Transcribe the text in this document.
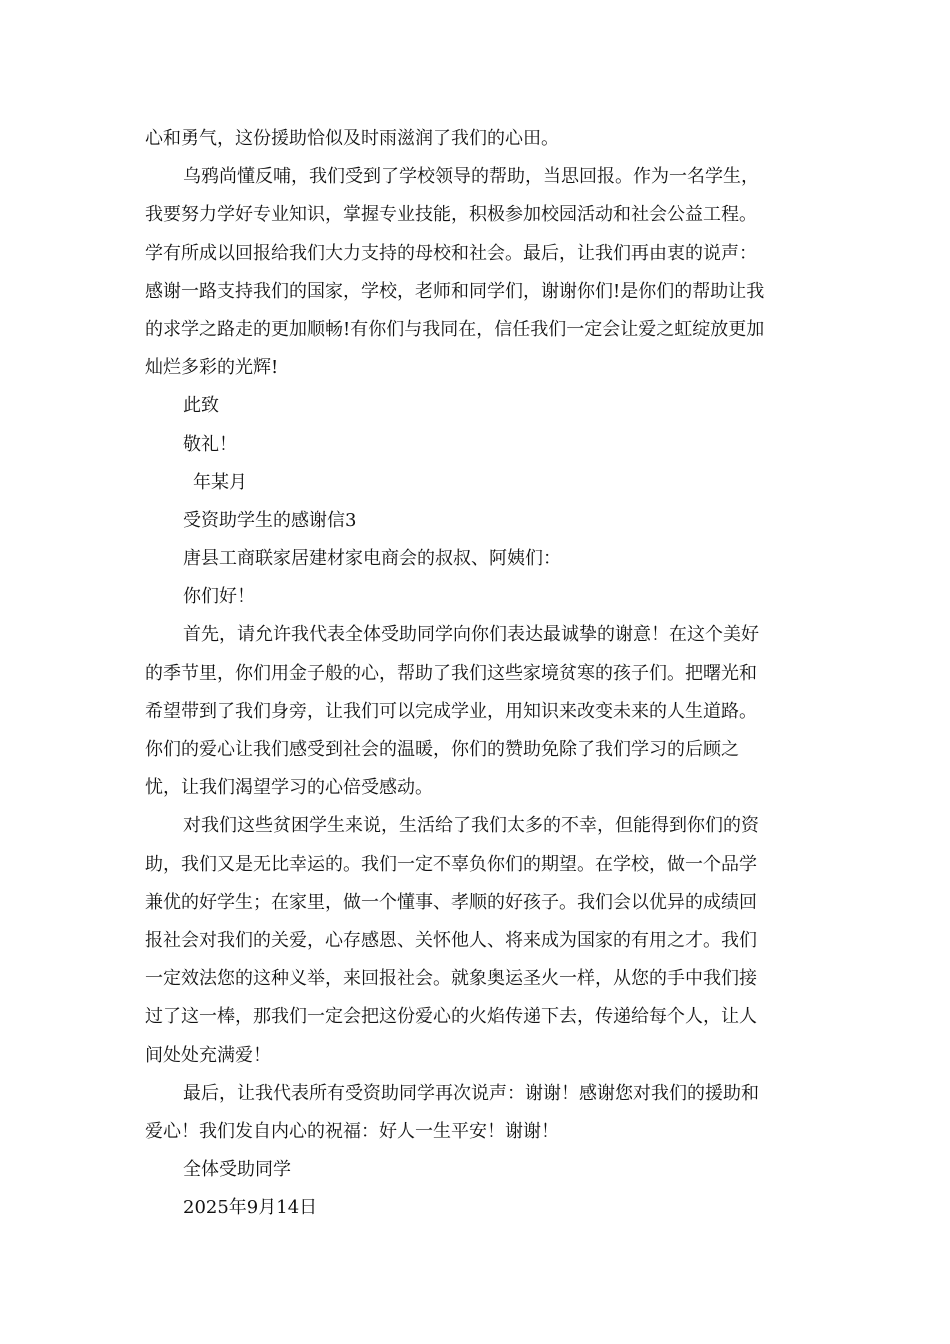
心和勇气，这份援助恰似及时雨滋润了我们的心田。
乌鸦尚懂反哺，我们受到了学校领导的帮助，当思回报。作为一名学生，
我要努力学好专业知识，掌握专业技能，积极参加校园活动和社会公益工程。
学有所成以回报给我们大力支持的母校和社会。最后，让我们再由衷的说声：
感谢一路支持我们的国家，学校，老师和同学们，谢谢你们!是你们的帮助让我
的求学之路走的更加顺畅!有你们与我同在，信任我们一定会让爱之虹绽放更加
灿烂多彩的光辉!
此致
敬礼！
年某月
受资助学生的感谢信3
唐县工商联家居建材家电商会的叔叔、阿姨们：
你们好！
首先，请允许我代表全体受助同学向你们表达最诚挚的谢意！在这个美好
的季节里，你们用金子般的心，帮助了我们这些家境贫寒的孩子们。把曙光和
希望带到了我们身旁，让我们可以完成学业，用知识来改变未来的人生道路。
你们的爱心让我们感受到社会的温暖，你们的赞助免除了我们学习的后顾之
忧，让我们渴望学习的心倍受感动。
对我们这些贫困学生来说，生活给了我们太多的不幸，但能得到你们的资
助，我们又是无比幸运的。我们一定不辜负你们的期望。在学校，做一个品学
兼优的好学生；在家里，做一个懂事、孝顺的好孩子。我们会以优异的成绩回
报社会对我们的关爱，心存感恩、关怀他人、将来成为国家的有用之才。我们
一定效法您的这种义举，来回报社会。就象奥运圣火一样，从您的手中我们接
过了这一棒，那我们一定会把这份爱心的火焰传递下去，传递给每个人，让人
间处处充满爱！
最后，让我代表所有受资助同学再次说声：谢谢！感谢您对我们的援助和
爱心！我们发自内心的祝福：好人一生平安！谢谢！
全体受助同学
2025年9月14日
